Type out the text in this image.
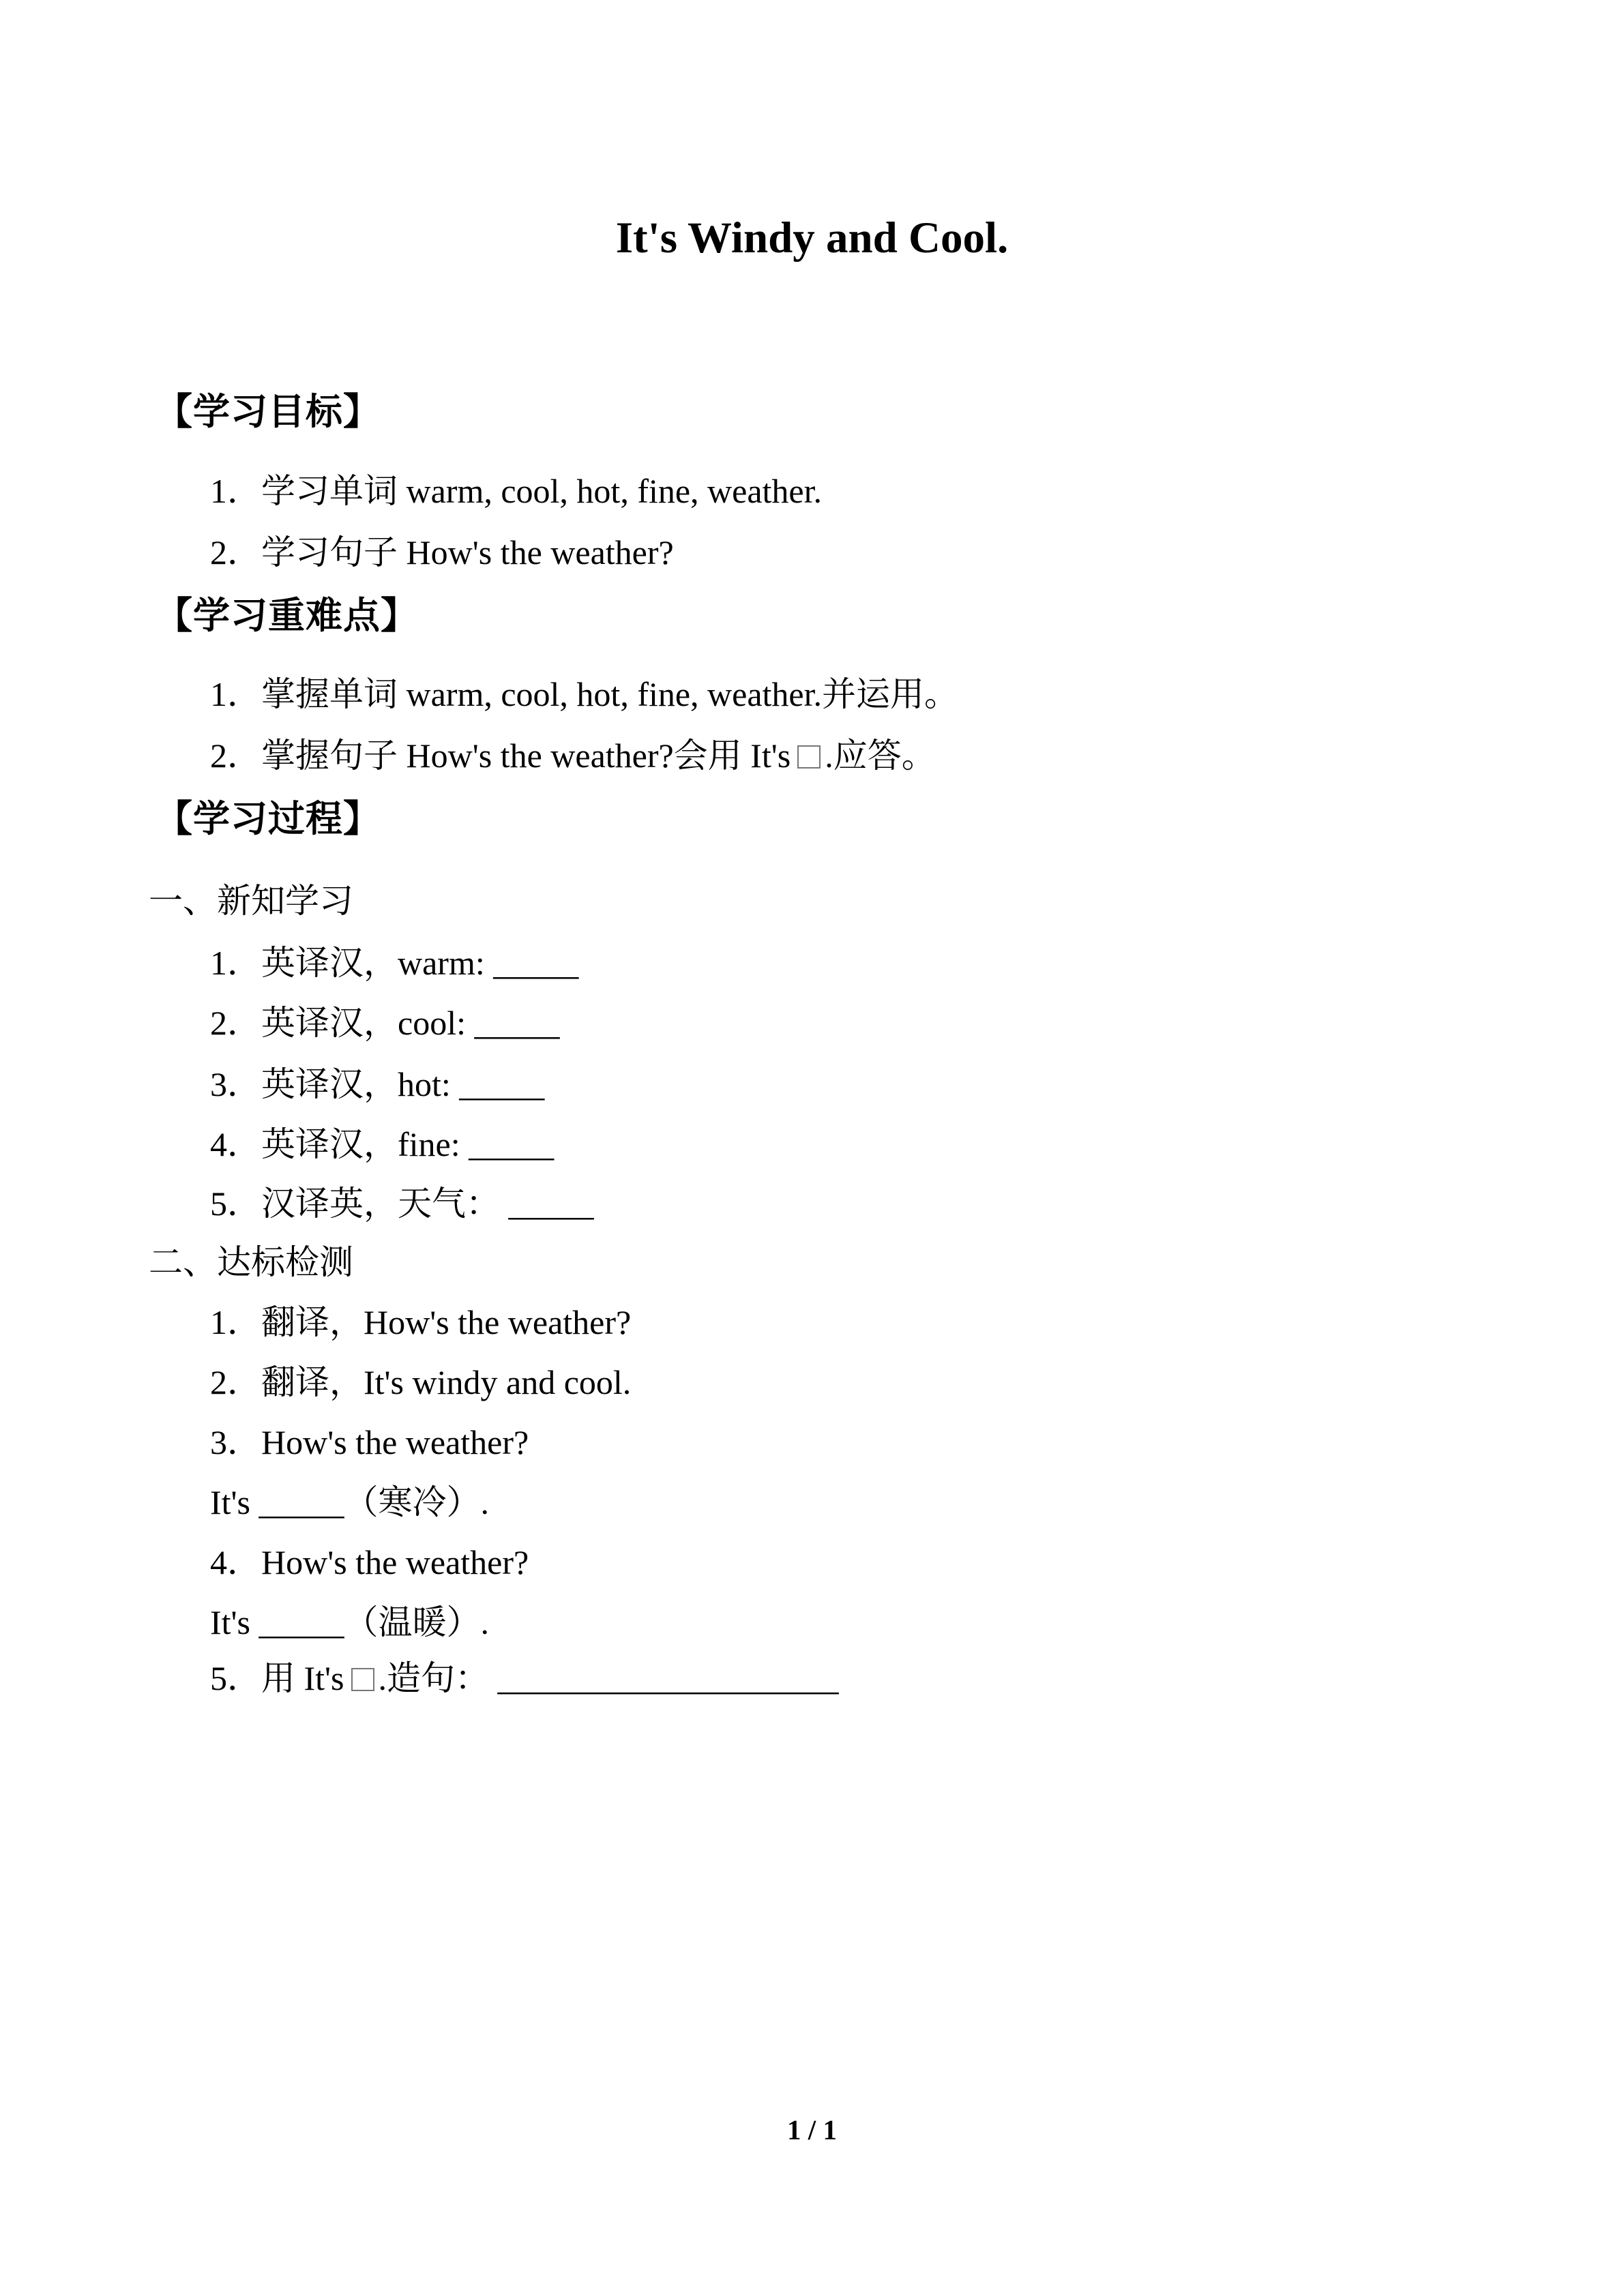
It's Windy and Cool.
【学习目标】
1．学习单词 warm, cool, hot, fine, weather.
2．学习句子 How's the weather?
【学习重难点】
1．掌握单词 warm, cool, hot, fine, weather.并运用。
2．掌握句子 How's the weather?会用 It's .应答。
【学习过程】
一、新知学习
1．英译汉，warm: _____
2．英译汉，cool: _____
3．英译汉，hot: _____
4．英译汉，fine: _____
5．汉译英，天气： _____
二、达标检测
1．翻译，How's the weather?
2．翻译，It's windy and cool.
3．How's the weather?
It's _____（寒冷）.
4．How's the weather?
It's _____（温暖）.
5．用 It's .造句： ____________________
1 / 1
